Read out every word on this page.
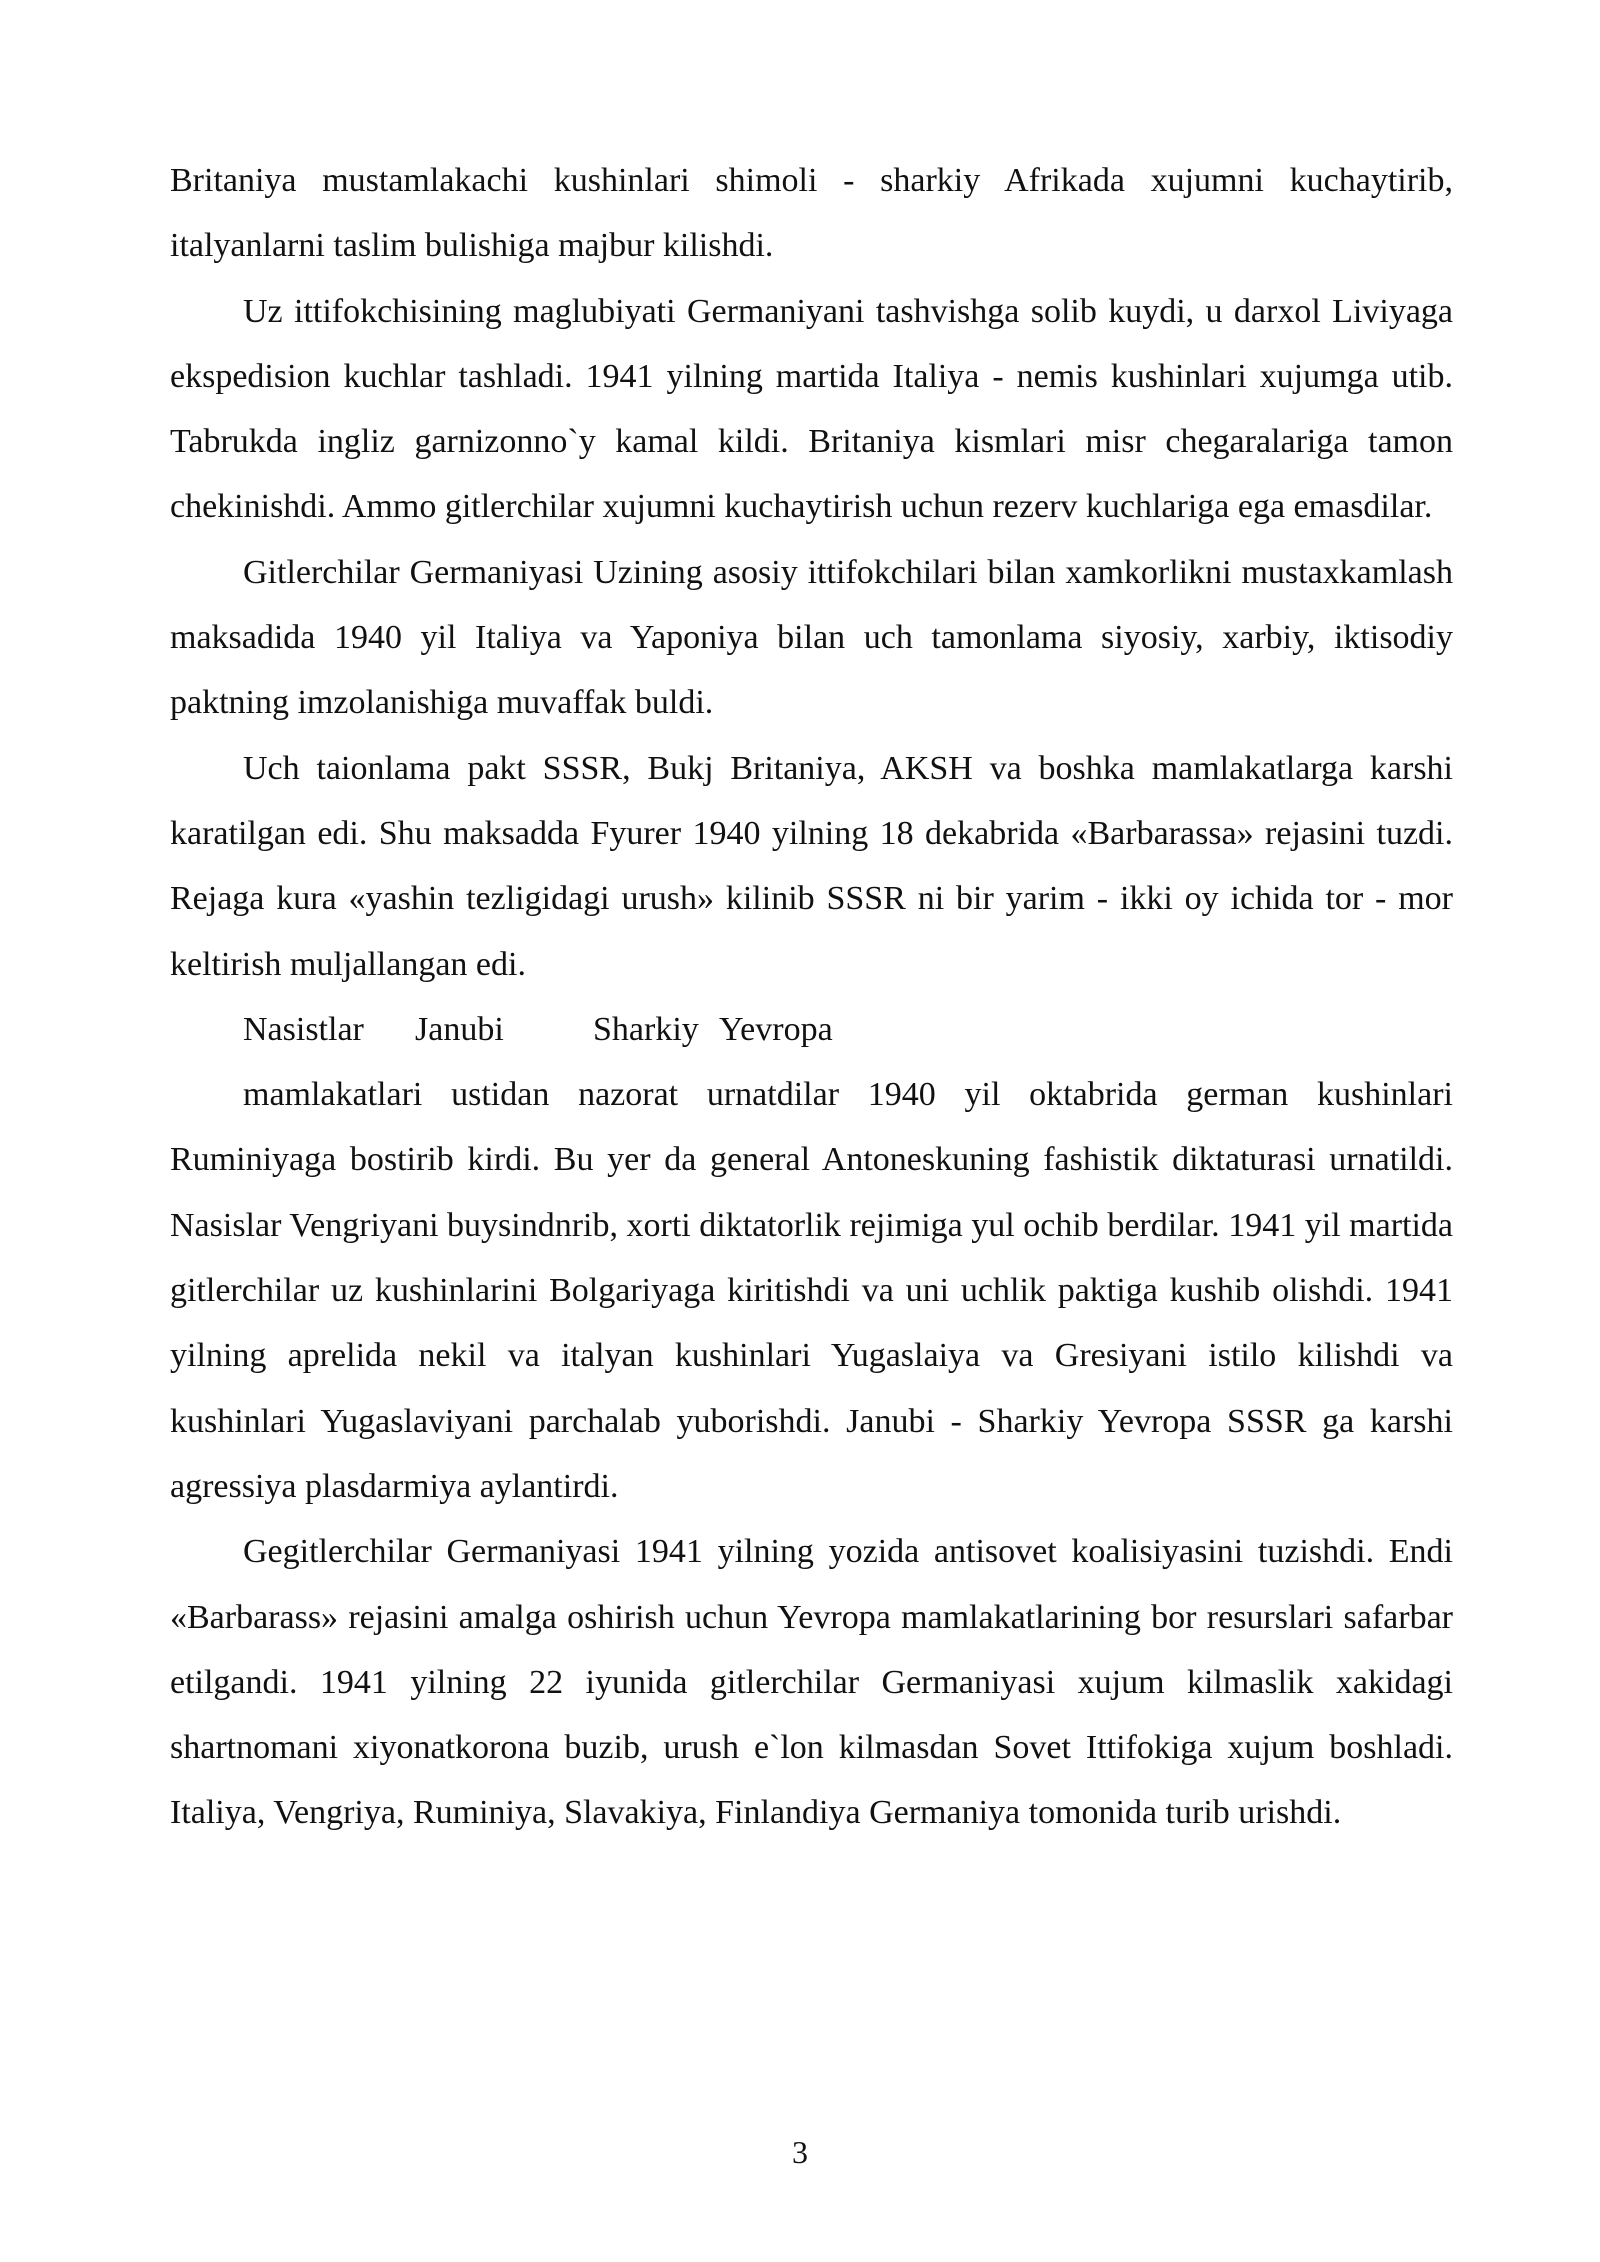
Britaniya mustamlakachi kushinlari shimoli - sharkiy Afrikada xujumni kuchaytirib, italyanlarni taslim bulishiga majbur kilishdi.

Uz ittifokchisining maglubiyati Germaniyani tashvishga solib kuydi, u darxol Liviyaga ekspedision kuchlar tashladi. 1941 yilning martida Italiya - nemis kushinlari xujumga utib. Tabrukda ingliz garnizonno`y kamal kildi. Britaniya kismlari misr chegaralariga tamon chekinishdi. Ammo gitlerchilar xujumni kuchaytirish uchun rezerv kuchlariga ega emasdilar.

Gitlerchilar Germaniyasi Uzining asosiy ittifokchilari bilan xamkorlikni mustaxkamlash maksadida 1940 yil Italiya va Yaponiya bilan uch tamonlama siyosiy, xarbiy, iktisodiy paktning imzolanishiga muvaffak buldi.

Uch taionlama pakt SSSR, Bukj Britaniya, AKSH va boshka mamlakatlarga karshi karatilgan edi. Shu maksadda Fyurer 1940 yilning 18 dekabrida «Barbarassa» rejasini tuzdi. Rejaga kura «yashin tezligidagi urush» kilinib SSSR ni bir yarim - ikki oy ichida tor - mor keltirish muljallangan edi.

Nasistlar Janubi	Sharkiy Yevropa

mamlakatlari ustidan nazorat urnatdilar 1940 yil oktabrida german kushinlari Ruminiyaga bostirib kirdi. Bu yer da general Antoneskuning fashistik diktaturasi urnatildi. Nasislar Vengriyani buysindnrib, xorti diktatorlik rejimiga yul ochib berdilar. 1941 yil martida gitlerchilar uz kushinlarini Bolgariyaga kiritishdi va uni uchlik paktiga kushib olishdi. 1941 yilning aprelida nekil va italyan kushinlari Yugaslaiya va Gresiyani istilo kilishdi va kushinlari Yugaslaviyani parchalab yuborishdi. Janubi - Sharkiy Yevropa SSSR ga karshi agressiya plasdarmiya aylantirdi.

Gegitlerchilar Germaniyasi 1941 yilning yozida antisovet koalisiyasini tuzishdi. Endi «Barbarass» rejasini amalga oshirish uchun Yevropa mamlakatlarining bor resurslari safarbar etilgandi. 1941 yilning 22 iyunida gitlerchilar Germaniyasi xujum kilmaslik xakidagi shartnomani xiyonatkorona buzib, urush e`lon kilmasdan Sovet Ittifokiga xujum boshladi. Italiya, Vengriya, Ruminiya, Slavakiya, Finlandiya Germaniya tomonida turib urishdi.

3
